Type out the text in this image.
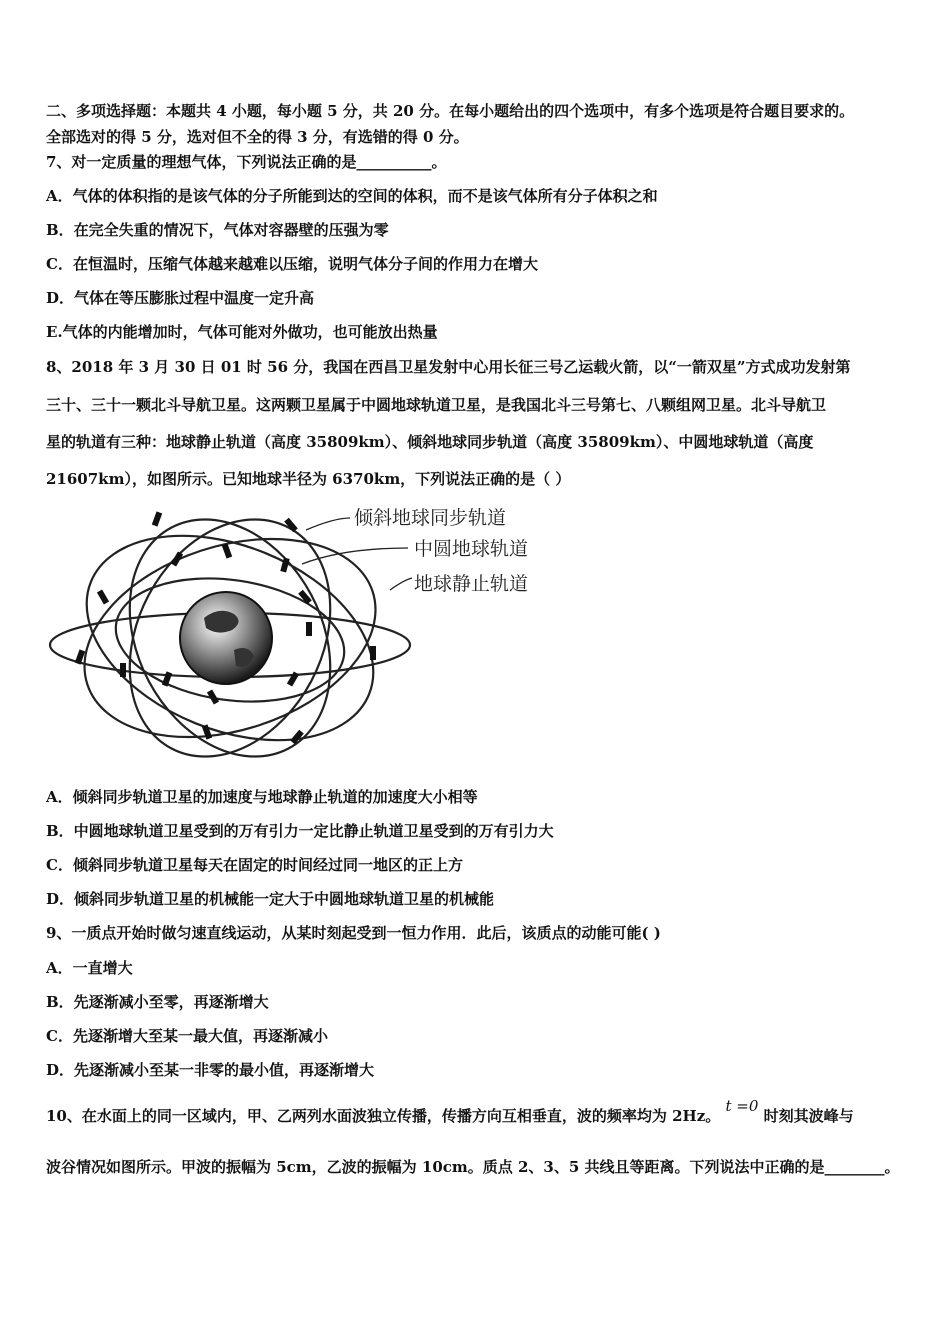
二、多项选择题：本题共 4 小题，每小题 5 分，共 20 分。在每小题给出的四个选项中，有多个选项是符合题目要求的。
全部选对的得 5 分，选对但不全的得 3 分，有选错的得 0 分。
7、对一定质量的理想气体，下列说法正确的是__________。
A．气体的体积指的是该气体的分子所能到达的空间的体积，而不是该气体所有分子体积之和
B．在完全失重的情况下，气体对容器壁的压强为零
C．在恒温时，压缩气体越来越难以压缩，说明气体分子间的作用力在增大
D．气体在等压膨胀过程中温度一定升高
E.气体的内能增加时，气体可能对外做功，也可能放出热量
8、2018 年 3 月 30 日 01 时 56 分，我国在西昌卫星发射中心用长征三号乙运载火箭，以“一箭双星”方式成功发射第
三十、三十一颗北斗导航卫星。这两颗卫星属于中圆地球轨道卫星，是我国北斗三号第七、八颗组网卫星。北斗导航卫
星的轨道有三种：地球静止轨道（高度 35809km）、倾斜地球同步轨道（高度 35809km）、中圆地球轨道（高度
21607km），如图所示。已知地球半径为 6370km，下列说法正确的是（ ）
倾斜地球同步轨道
中圆地球轨道
地球静止轨道
A．倾斜同步轨道卫星的加速度与地球静止轨道的加速度大小相等
B．中圆地球轨道卫星受到的万有引力一定比静止轨道卫星受到的万有引力大
C．倾斜同步轨道卫星每天在固定的时间经过同一地区的正上方
D．倾斜同步轨道卫星的机械能一定大于中圆地球轨道卫星的机械能
9、一质点开始时做匀速直线运动，从某时刻起受到一恒力作用．此后，该质点的动能可能( )
A．一直增大
B．先逐渐减小至零，再逐渐增大
C．先逐渐增大至某一最大值，再逐渐减小
D．先逐渐减小至某一非零的最小值，再逐渐增大
10、在水面上的同一区域内，甲、乙两列水面波独立传播，传播方向互相垂直，波的频率均为 2Hz。 t =0 时刻其波峰与
波谷情况如图所示。甲波的振幅为 5cm，乙波的振幅为 10cm。质点 2、3、5 共线且等距离。下列说法中正确的是________。
